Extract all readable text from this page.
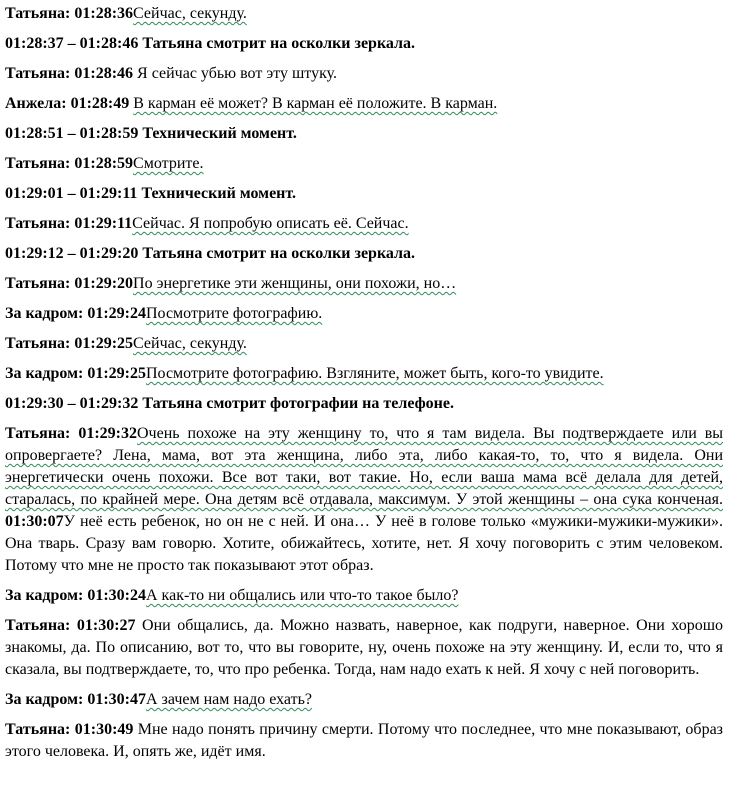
Татьяна: 01:28:36Сейчас, секунду.

01:28:37 – 01:28:46 Татьяна смотрит на осколки зеркала.

Татьяна: 01:28:46 Я сейчас убью вот эту штуку.

Анжела: 01:28:49 В карман её может? В карман её положите. В карман.

01:28:51 – 01:28:59 Технический момент.

Татьяна: 01:28:59Смотрите.

01:29:01 – 01:29:11 Технический момент.

Татьяна: 01:29:11Сейчас. Я попробую описать её. Сейчас.

01:29:12 – 01:29:20 Татьяна смотрит на осколки зеркала.

Татьяна: 01:29:20По энергетике эти женщины, они похожи, но…

За кадром: 01:29:24Посмотрите фотографию.

Татьяна: 01:29:25Сейчас, секунду.

За кадром: 01:29:25Посмотрите фотографию. Взгляните, может быть, кого-то увидите.

01:29:30 – 01:29:32 Татьяна смотрит фотографии на телефоне.

Татьяна: 01:29:32Очень похоже на эту женщину то, что я там видела. Вы подтверждаете или вы опровергаете? Лена, мама, вот эта женщина, либо эта, либо какая-то, то, что я видела. Они энергетически очень похожи. Все вот таки, вот такие. Но, если ваша мама всё делала для детей, старалась, по крайней мере. Она детям всё отдавала, максимум. У этой женщины – она сука конченая. 01:30:07У неё есть ребенок, но он не с ней. И она… У неё в голове только «мужики-мужики-мужики». Она тварь. Сразу вам говорю. Хотите, обижайтесь, хотите, нет. Я хочу поговорить с этим человеком. Потому что мне не просто так показывают этот образ.

За кадром: 01:30:24А как-то ни общались или что-то такое было?

Татьяна: 01:30:27 Они общались, да. Можно назвать, наверное, как подруги, наверное. Они хорошо знакомы, да. По описанию, вот то, что вы говорите, ну, очень похоже на эту женщину. И, если то, что я сказала, вы подтверждаете, то, что про ребенка. Тогда, нам надо ехать к ней. Я хочу с ней поговорить.

За кадром: 01:30:47А зачем нам надо ехать?

Татьяна: 01:30:49 Мне надо понять причину смерти. Потому что последнее, что мне показывают, образ этого человека. И, опять же, идёт имя.
